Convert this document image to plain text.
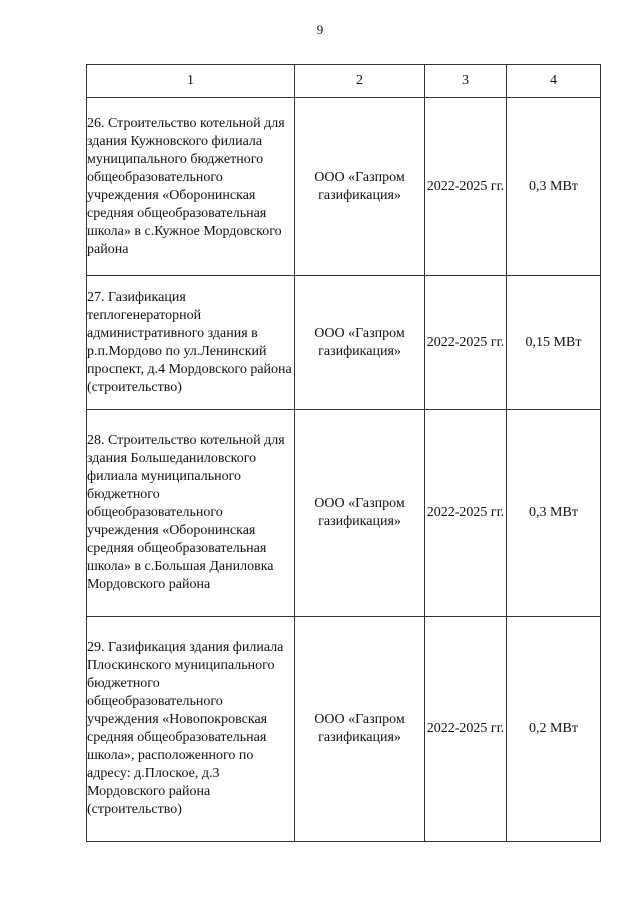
9
1	2	3	4
26. Строительство котельной для здания Кужновского филиала муниципального бюджетного общеобразовательного учреждения «Оборонинская средняя общеобразовательная школа» в с.Кужное Мордовского района	ООО «Газпром газификация»	2022-2025 гг.	0,3 МВт
27. Газификация теплогенераторной административного здания в р.п.Мордово по ул.Ленинский проспект, д.4 Мордовского района (строительство)	ООО «Газпром газификация»	2022-2025 гг.	0,15 МВт
28. Строительство котельной для здания Большеданиловского филиала муниципального бюджетного общеобразовательного учреждения «Оборонинская средняя общеобразовательная школа» в с.Большая Даниловка Мордовского района	ООО «Газпром газификация»	2022-2025 гг.	0,3 МВт
29. Газификация здания филиала Плоскинского муниципального бюджетного общеобразовательного учреждения «Новопокровская средняя общеобразовательная школа», расположенного по адресу: д.Плоское, д.3 Мордовского района (строительство)	ООО «Газпром газификация»	2022-2025 гг.	0,2 МВт
